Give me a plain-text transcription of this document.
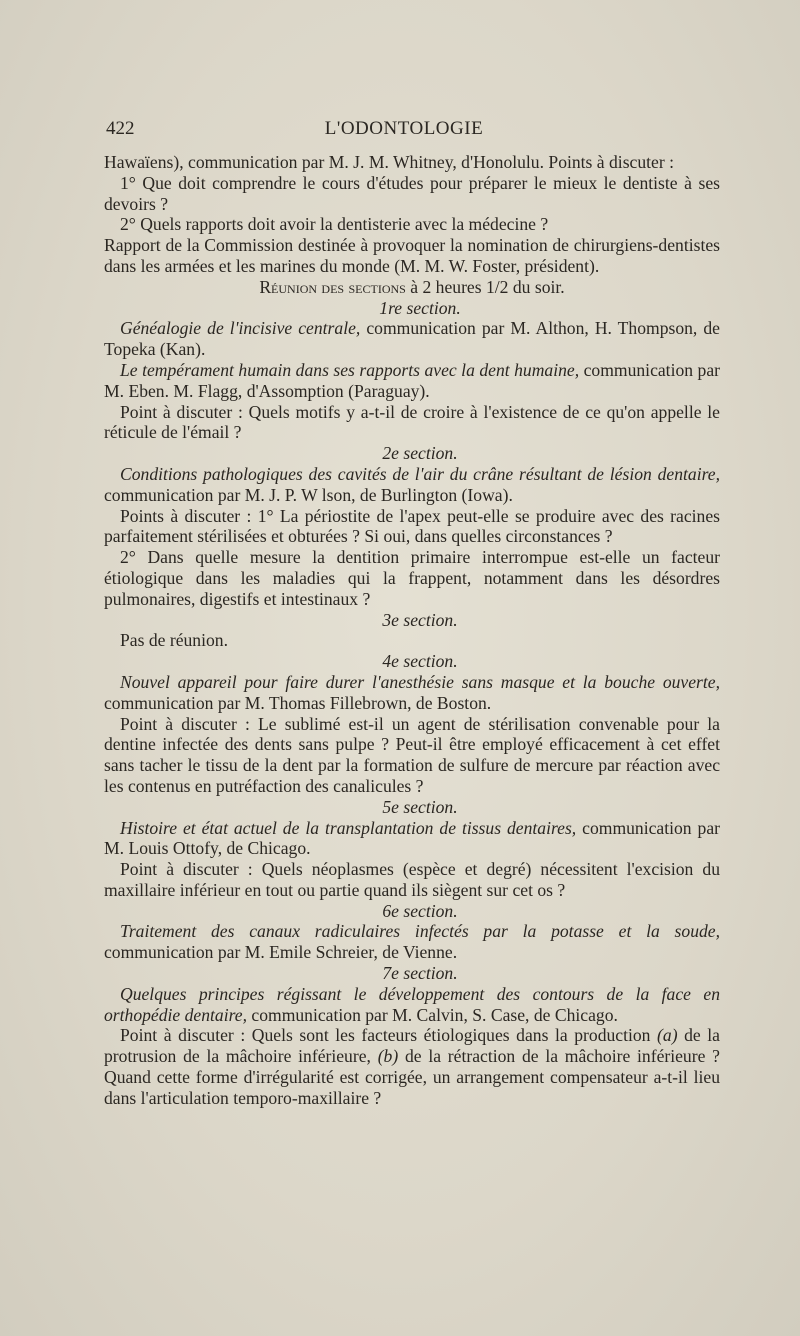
422	L'ODONTOLOGIE

Hawaïens), communication par M. J. M. Whitney, d'Honolulu. Points à discuter :

1° Que doit comprendre le cours d'études pour préparer le mieux le dentiste à ses devoirs ?

2° Quels rapports doit avoir la dentisterie avec la médecine ?

Rapport de la Commission destinée à provoquer la nomination de chirurgiens-dentistes dans les armées et les marines du monde (M. M. W. Foster, président).

Réunion des sections à 2 heures 1/2 du soir.

1re section.

Généalogie de l'incisive centrale, communication par M. Althon, H. Thompson, de Topeka (Kan).

Le tempérament humain dans ses rapports avec la dent humaine, communication par M. Eben. M. Flagg, d'Assomption (Paraguay).

Point à discuter : Quels motifs y a-t-il de croire à l'existence de ce qu'on appelle le réticule de l'émail ?

2e section.

Conditions pathologiques des cavités de l'air du crâne résultant de lésion dentaire, communication par M. J. P. W lson, de Burlington (Iowa).

Points à discuter : 1° La périostite de l'apex peut-elle se produire avec des racines parfaitement stérilisées et obturées ? Si oui, dans quelles circonstances ?

2° Dans quelle mesure la dentition primaire interrompue est-elle un facteur étiologique dans les maladies qui la frappent, notamment dans les désordres pulmonaires, digestifs et intestinaux ?

3e section.

Pas de réunion.

4e section.

Nouvel appareil pour faire durer l'anesthésie sans masque et la bouche ouverte, communication par M. Thomas Fillebrown, de Boston.

Point à discuter : Le sublimé est-il un agent de stérilisation convenable pour la dentine infectée des dents sans pulpe ? Peut-il être employé efficacement à cet effet sans tacher le tissu de la dent par la formation de sulfure de mercure par réaction avec les contenus en putréfaction des canalicules ?

5e section.

Histoire et état actuel de la transplantation de tissus dentaires, communication par M. Louis Ottofy, de Chicago.

Point à discuter : Quels néoplasmes (espèce et degré) nécessitent l'excision du maxillaire inférieur en tout ou partie quand ils siègent sur cet os ?

6e section.

Traitement des canaux radiculaires infectés par la potasse et la soude, communication par M. Emile Schreier, de Vienne.

7e section.

Quelques principes régissant le développement des contours de la face en orthopédie dentaire, communication par M. Calvin, S. Case, de Chicago.

Point à discuter : Quels sont les facteurs étiologiques dans la production (a) de la protrusion de la mâchoire inférieure, (b) de la rétraction de la mâchoire inférieure ? Quand cette forme d'irrégularité est corrigée, un arrangement compensateur a-t-il lieu dans l'articulation temporo-maxillaire ?
